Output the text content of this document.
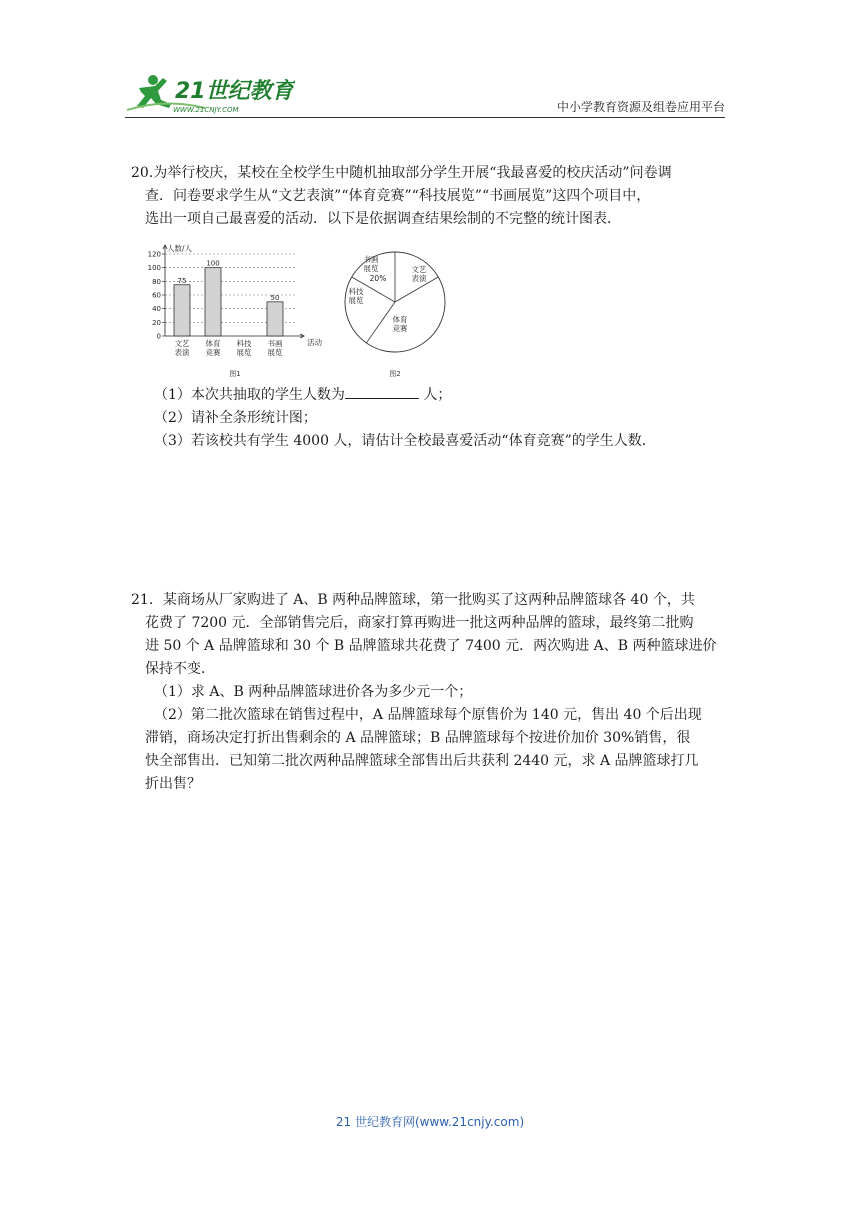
21世纪教育
WWW.21CNJY.COM	中小学教育资源及组卷应用平台
20.为举行校庆，某校在全校学生中随机抽取部分学生开展“我最喜爱的校庆活动”问卷调
查．问卷要求学生从“文艺表演”“体育竞赛”“科技展览”“书画展览”这四个项目中，
选出一项自己最喜爱的活动．以下是依据调查结果绘制的不完整的统计图表．
0
20
40
60
80
100
120
人数/人
活动
75
文艺
表演
100
体育
竞赛
科技
展览
50
书画
展览
图1
文艺
表演
体育
竞赛
科技
展览
书画
展览
20%
图2
（1）本次共抽取的学生人数为	人；
（2）请补全条形统计图；
（3）若该校共有学生 4000 人，请估计全校最喜爱活动“体育竞赛”的学生人数．
21．某商场从厂家购进了 A、B 两种品牌篮球，第一批购买了这两种品牌篮球各 40 个，共
花费了 7200 元．全部销售完后，商家打算再购进一批这两种品牌的篮球，最终第二批购
进 50 个 A 品牌篮球和 30 个 B 品牌篮球共花费了 7400 元．两次购进 A、B 两种篮球进价
保持不变．
（1）求 A、B 两种品牌篮球进价各为多少元一个；
（2）第二批次篮球在销售过程中，A 品牌篮球每个原售价为 140 元，售出 40 个后出现
滞销，商场决定打折出售剩余的 A 品牌篮球；B 品牌篮球每个按进价加价 30%销售，很
快全部售出．已知第二批次两种品牌篮球全部售出后共获利 2440 元，求 A 品牌篮球打几
折出售？
21 世纪教育网(www.21cnjy.com)
